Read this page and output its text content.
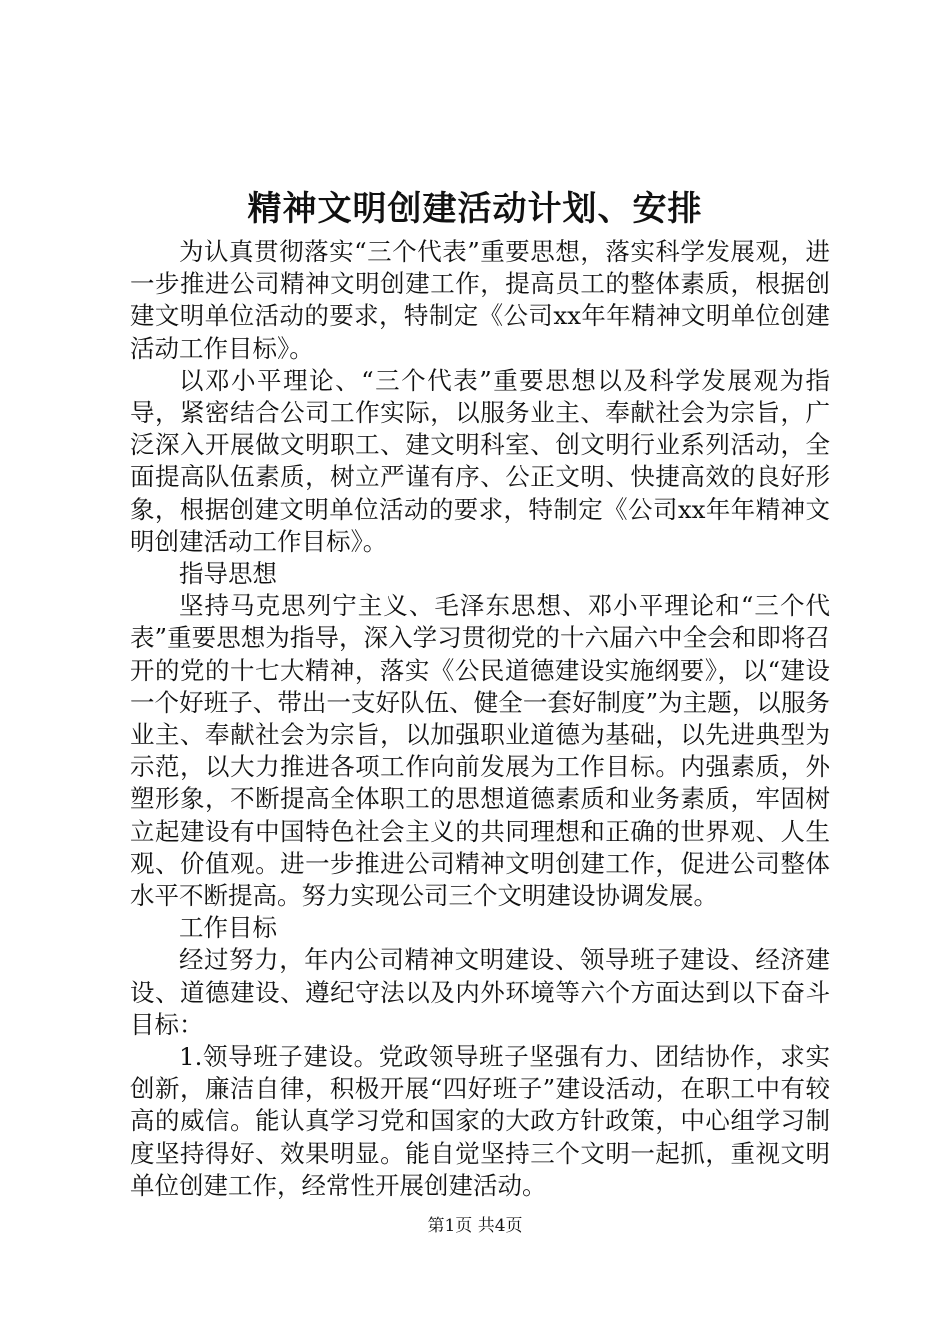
精神文明创建活动计划、安排

为认真贯彻落实“三个代表”重要思想，落实科学发展观，进一步推进公司精神文明创建工作，提高员工的整体素质，根据创建文明单位活动的要求，特制定《公司xx年年精神文明单位创建活动工作目标》。

以邓小平理论、“三个代表”重要思想以及科学发展观为指导，紧密结合公司工作实际，以服务业主、奉献社会为宗旨，广泛深入开展做文明职工、建文明科室、创文明行业系列活动，全面提高队伍素质，树立严谨有序、公正文明、快捷高效的良好形象，根据创建文明单位活动的要求，特制定《公司xx年年精神文明创建活动工作目标》。

指导思想

坚持马克思列宁主义、毛泽东思想、邓小平理论和“三个代表”重要思想为指导，深入学习贯彻党的十六届六中全会和即将召开的党的十七大精神，落实《公民道德建设实施纲要》，以“建设一个好班子、带出一支好队伍、健全一套好制度”为主题，以服务业主、奉献社会为宗旨，以加强职业道德为基础，以先进典型为示范，以大力推进各项工作向前发展为工作目标。内强素质，外塑形象，不断提高全体职工的思想道德素质和业务素质，牢固树立起建设有中国特色社会主义的共同理想和正确的世界观、人生观、价值观。进一步推进公司精神文明创建工作，促进公司整体水平不断提高。努力实现公司三个文明建设协调发展。

工作目标

经过努力，年内公司精神文明建设、领导班子建设、经济建设、道德建设、遵纪守法以及内外环境等六个方面达到以下奋斗目标：

1.领导班子建设。党政领导班子坚强有力、团结协作，求实创新，廉洁自律，积极开展“四好班子”建设活动，在职工中有较高的威信。能认真学习党和国家的大政方针政策，中心组学习制度坚持得好、效果明显。能自觉坚持三个文明一起抓，重视文明单位创建工作，经常性开展创建活动。

第1页 共4页
